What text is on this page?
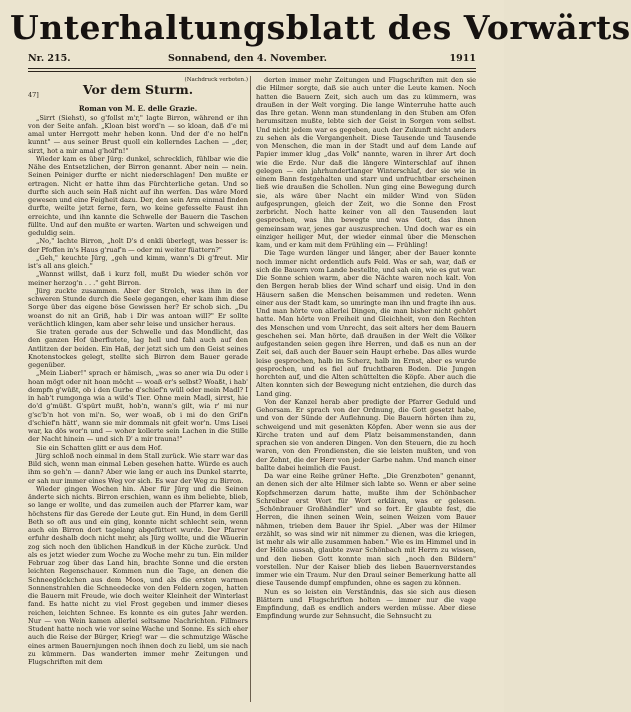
Unterhaltungsblatt des Vorwärts
Nr. 215.	Sonnabend, den 4. November.	1911
(Nachdruck verboten.)
47]	Vor dem Sturm.

Roman von M. E. delle Grazie.

„Sirrt (Siehst), so g'follst m'r," lagte Birron, während er ihn von der Seite anfah. „Kloan bist word'n — so kloan, daß d'e mi amal unter Herrgott mehr heben konn. Und der d'e no helf'n kunnt" — aus seiner Brust quoll ein kollerndes Lachen — „der, sirzt, hot a mir amal g'holf'n!"

Wieder kam es über Jürg: dunkel, schrecklich, fühlbar wie die Nähe des Entsetzlichen, der Birron genannt. Aber nein — nein. Seinen Peiniger durfte er nicht niederschlagen! Den mußte er ertragen. Nicht er hatte ihm das Fürchterliche getan. Und so durfte sich auch sein Haß nicht auf ihn werfen. Das wäre Mord gewesen und eine Feigheit dazu. Der, den sein Arm einmal finden durfte, weilte jetzt ferne, fern, wo keine gefesselte Faust ihn erreichte, und ihn kannte die Schwelle der Bauern die Taschen füllte. Und auf den mußte er warten. Warten und schweigen und geduldig sein.

„No," lachte Birron, „holt D's d enkli überlegt, was besser is: der Pfoffen in's Haus g'ruaf'n — oder mi weiter füattern?"

„Geh," keuchte Jürg, „geh und kimm, wann's Di g'freut. Mir ist's all ans gleich."

„Wannst willst, daß i kurz foll, mußt Du wieder schön vor meiner herzog'n . . ." geht Birron.

Jürg zuckte zusammen. Aber der Strolch, was ihm in der schweren Stunde durch die Seele gegangen, eher kam ihm diese Sorge über das eigene böse Gewissen her? Er schob sich. „Du woanst do nit an Griß, hab i Dir was antoan will?" Er sollte verächtlich klingen, kam aber sehr leise und unsicher heraus.

Sie traten gerade aus der Schwelle und das Mondlicht, das den ganzen Hof überflutete, lag hell und fahl auch auf den Antlitzen der beiden. Ein Haß, der jetzt sich um den Geist seines Knotenstockes gelegt, stellte sich Birron dem Bauer gerade gegenüber.

„Mein Liaber!" sprach er hämisch, „was so aner wia Du oder i hoan mögt oder nit hoan möcht — woaß er's selbst? Woaßt, i hab' dempfn g'wüßt, ob i den Gurbe d'schief'n wüll oder mein Madl? I in hab't rumgonga wia a wild's Tier. Ohne mein Madl, sirrst, hie do'd g'müßt. G'spürt mußt, hob'n, wann's gilt, wia r' mi nur g'sc'b'n hot von mi'n. So, wer woaß, ob i mi do den Grif'n d'schief'n hätt', wann sie mir dommals nit gfeit wor'n. Ums Lisei war, ka dös wor'n und — woher kollerte sein Lachen in die Stille der Nacht hinein — und sich D' a mir trauna!"

Sie ein Schatten glitt er aus dem Hof.

Jürg schloß noch einmal in dem Stall zurück. Wie starr war das Bild sich, wenn man einmal Leben gesehen hatte. Würde es auch ihm so geh'n — dann? Aber wie lang er auch ins Dunkel starrte, er sah nur immer eines Weg vor sich. Es war der Weg zu Birron.

Wieder gingen Wochen hin. Aber für Jürg und die Seinen änderte sich nichts. Birron erschien, wann es ihm beliebte, blieb, so lange er wollte, und das zumeilen auch der Pfarrer kam, war höchstens für das Gerede der Leute gut. Ein Hund, in dem Gerill Beth so oft aus und ein ging, konnte nicht schlecht sein, wenn auch ein Birron dort tagelang abgefüttert wurde. Der Pfarrer erfuhr deshalb doch nicht mehr, als Jürg wollte, und die Wäuerin zog sich noch den üblichen Handkuß in der Küche zurück. Und als es jetzt wieder zum Woche zu Woche mehr zu tun. Ein milder Februar zog über das Land hin, brachte Sonne und die ersten leichten Regenschauer. Kommen nun die Tage, an denen die Schneeglöckchen aus dem Moos, und als die ersten warmen Sonnenstrahlen die Schneedecke von den Feldern zogen, hatten die Bauern mit Freude, wie doch weiter Kleinheit der Winterlast fand. Es hatte nicht zu viel Frost gegeben und immer dieses reichen, leichten Schnee. Es konnte es ein gutes Jahr werden. Nur — von Wein kamen allerlei seltsame Nachrichten. Fillmers Student hatte noch wie vor seine Wache und Sonne. Es sich eher auch die Reise der Bürger, Krieg! war — die schmutzige Wäsche eines armen Bauernjungen noch ihnen doch zu liebl, um sie nach zu kümmern. Das wanderten immer mehr Zeitungen und Flugschriften mit dem

derten immer mehr Zeitungen und Flugschriften mit den sie die Hilmer sorgte, daß sie auch unter die Leute kamen. Noch hatten die Bauern Zeit, sich auch um das zu kümmern, was draußen in der Welt vorging. Die lange Winterruhe hatte auch das Ihre getan. Wenn man stundenlang in den Stuben am Ofen herumsitzen mußte, lebte sich der Geist in Sorgen vom selbst. Und nicht jedem war es gegeben, auch der Zukunft nicht anders zu sehen als die Vergangenheit. Diese Tausende und Tausende von Menschen, die man in der Stadt und auf dem Lande auf Papier immer klug „das Volk" nannte, waren in ihrer Art doch wie die Erde. Nur daß die längere Winterschlaf auf ihnen gelegen — ein jahrhundertlanger Winterschlaf, der sie wie in einem Bann festgehalten und starr und unfruchtbar erscheinen ließ wie draußen die Schollen. Nun ging eine Bewegung durch sie, als wäre über Nacht ein milder Wind von Süden aufgesprungen, gleich der Zeit, wo die Sonne den Frost zerbricht. Noch hatte keiner von all den Tausenden laut gesprochen, was ihn bewegte und was Gott, das ihnen gemeinsam war, jenes gar auszusprechen. Und doch war es ein einziger heiliger Mut, der wieder einmal über die Menschen kam, und er kam mit dem Frühling ein — Frühling!

Die Tage wurden länger und länger, aber der Bauer konnte noch immer nicht ordentlich aufs Feld. Was er sah, war, daß er sich die Bauern vom Lande bestellte, und sah ein, wie es gut war. Die Sonne schien warm, aber die Nächte waren noch kalt. Von den Bergen herab blies der Wind scharf und eisig. Und in den Häusern saßen die Menschen beisammen und redeten. Wenn einer aus der Stadt kam, so umringte man ihn und fragte ihn aus. Und man hörte von allerlei Dingen, die man bisher nicht gehört hatte. Man hörte von Freiheit und Gleichheit, von den Rechten des Menschen und vom Unrecht, das seit alters her dem Bauern geschehen sei. Man hörte, daß draußen in der Welt die Völker aufgestanden seien gegen ihre Herren, und daß es nun an der Zeit sei, daß auch der Bauer sein Haupt erhebe. Das alles wurde leise gesprochen, halb im Scherz, halb im Ernst, aber es wurde gesprochen, und es fiel auf fruchtbaren Boden. Die Jungen horchten auf, und die Alten schüttelten die Köpfe. Aber auch die Alten konnten sich der Bewegung nicht entziehen, die durch das Land ging.

Von der Kanzel herab aber predigte der Pfarrer Geduld und Gehorsam. Er sprach von der Ordnung, die Gott gesetzt habe, und von der Sünde der Auflehnung. Die Bauern hörten ihm zu, schweigend und mit gesenkten Köpfen. Aber wenn sie aus der Kirche traten und auf dem Platz beisammenstanden, dann sprachen sie von anderen Dingen. Von den Steuern, die zu hoch waren, von den Frondiensten, die sie leisten mußten, und von der Zehnt, die der Herr von jeder Garbe nahm. Und manch einer ballte dabei heimlich die Faust.

Da war eine Reihe grüner Hefte. „Die Grenzboten" genannt, an denen sich der alte Hilmer sich labte so. Wenn er aber seine Kopfschmerzen darum hatte, mußte ihm der Schönbacher Schreiber erst Wort für Wort erklären, was er gelesen. „Schönbrauer Großhändler" und so fort. Er glaubte fest, die Herren, die ihnen seinen Wein, seinen Weizen vom Bauer nähmen, trieben dem Bauer ihr Spiel. „Aber was der Hilmer erzählt, so was sind wir nit nimmer zu dienen, was die kriegen, ist mehr als wir alle zusammen haben." Wie es im Himmel und in der Hölle aussah, glaubte zwar Schönbach mit Herrn zu wissen, und den lieben Gott konnte man sich „noch den Bildern" vorstellen. Nur der Kaiser blieb des lieben Bauernverstandes immer wie ein Traum. Nur den Draul seiner Bemerkung hatte all diese Tausende dumpf empfunden, ohne es sagen zu können.

Nun es so leisten ein Verständnis, das sie sich aus diesen Blättern und Flugschriften holten — immer nur die vage Empfindung, daß es endlich anders werden müsse. Aber diese Empfindung wurde zur Sehnsucht, die Sehnsucht zu
